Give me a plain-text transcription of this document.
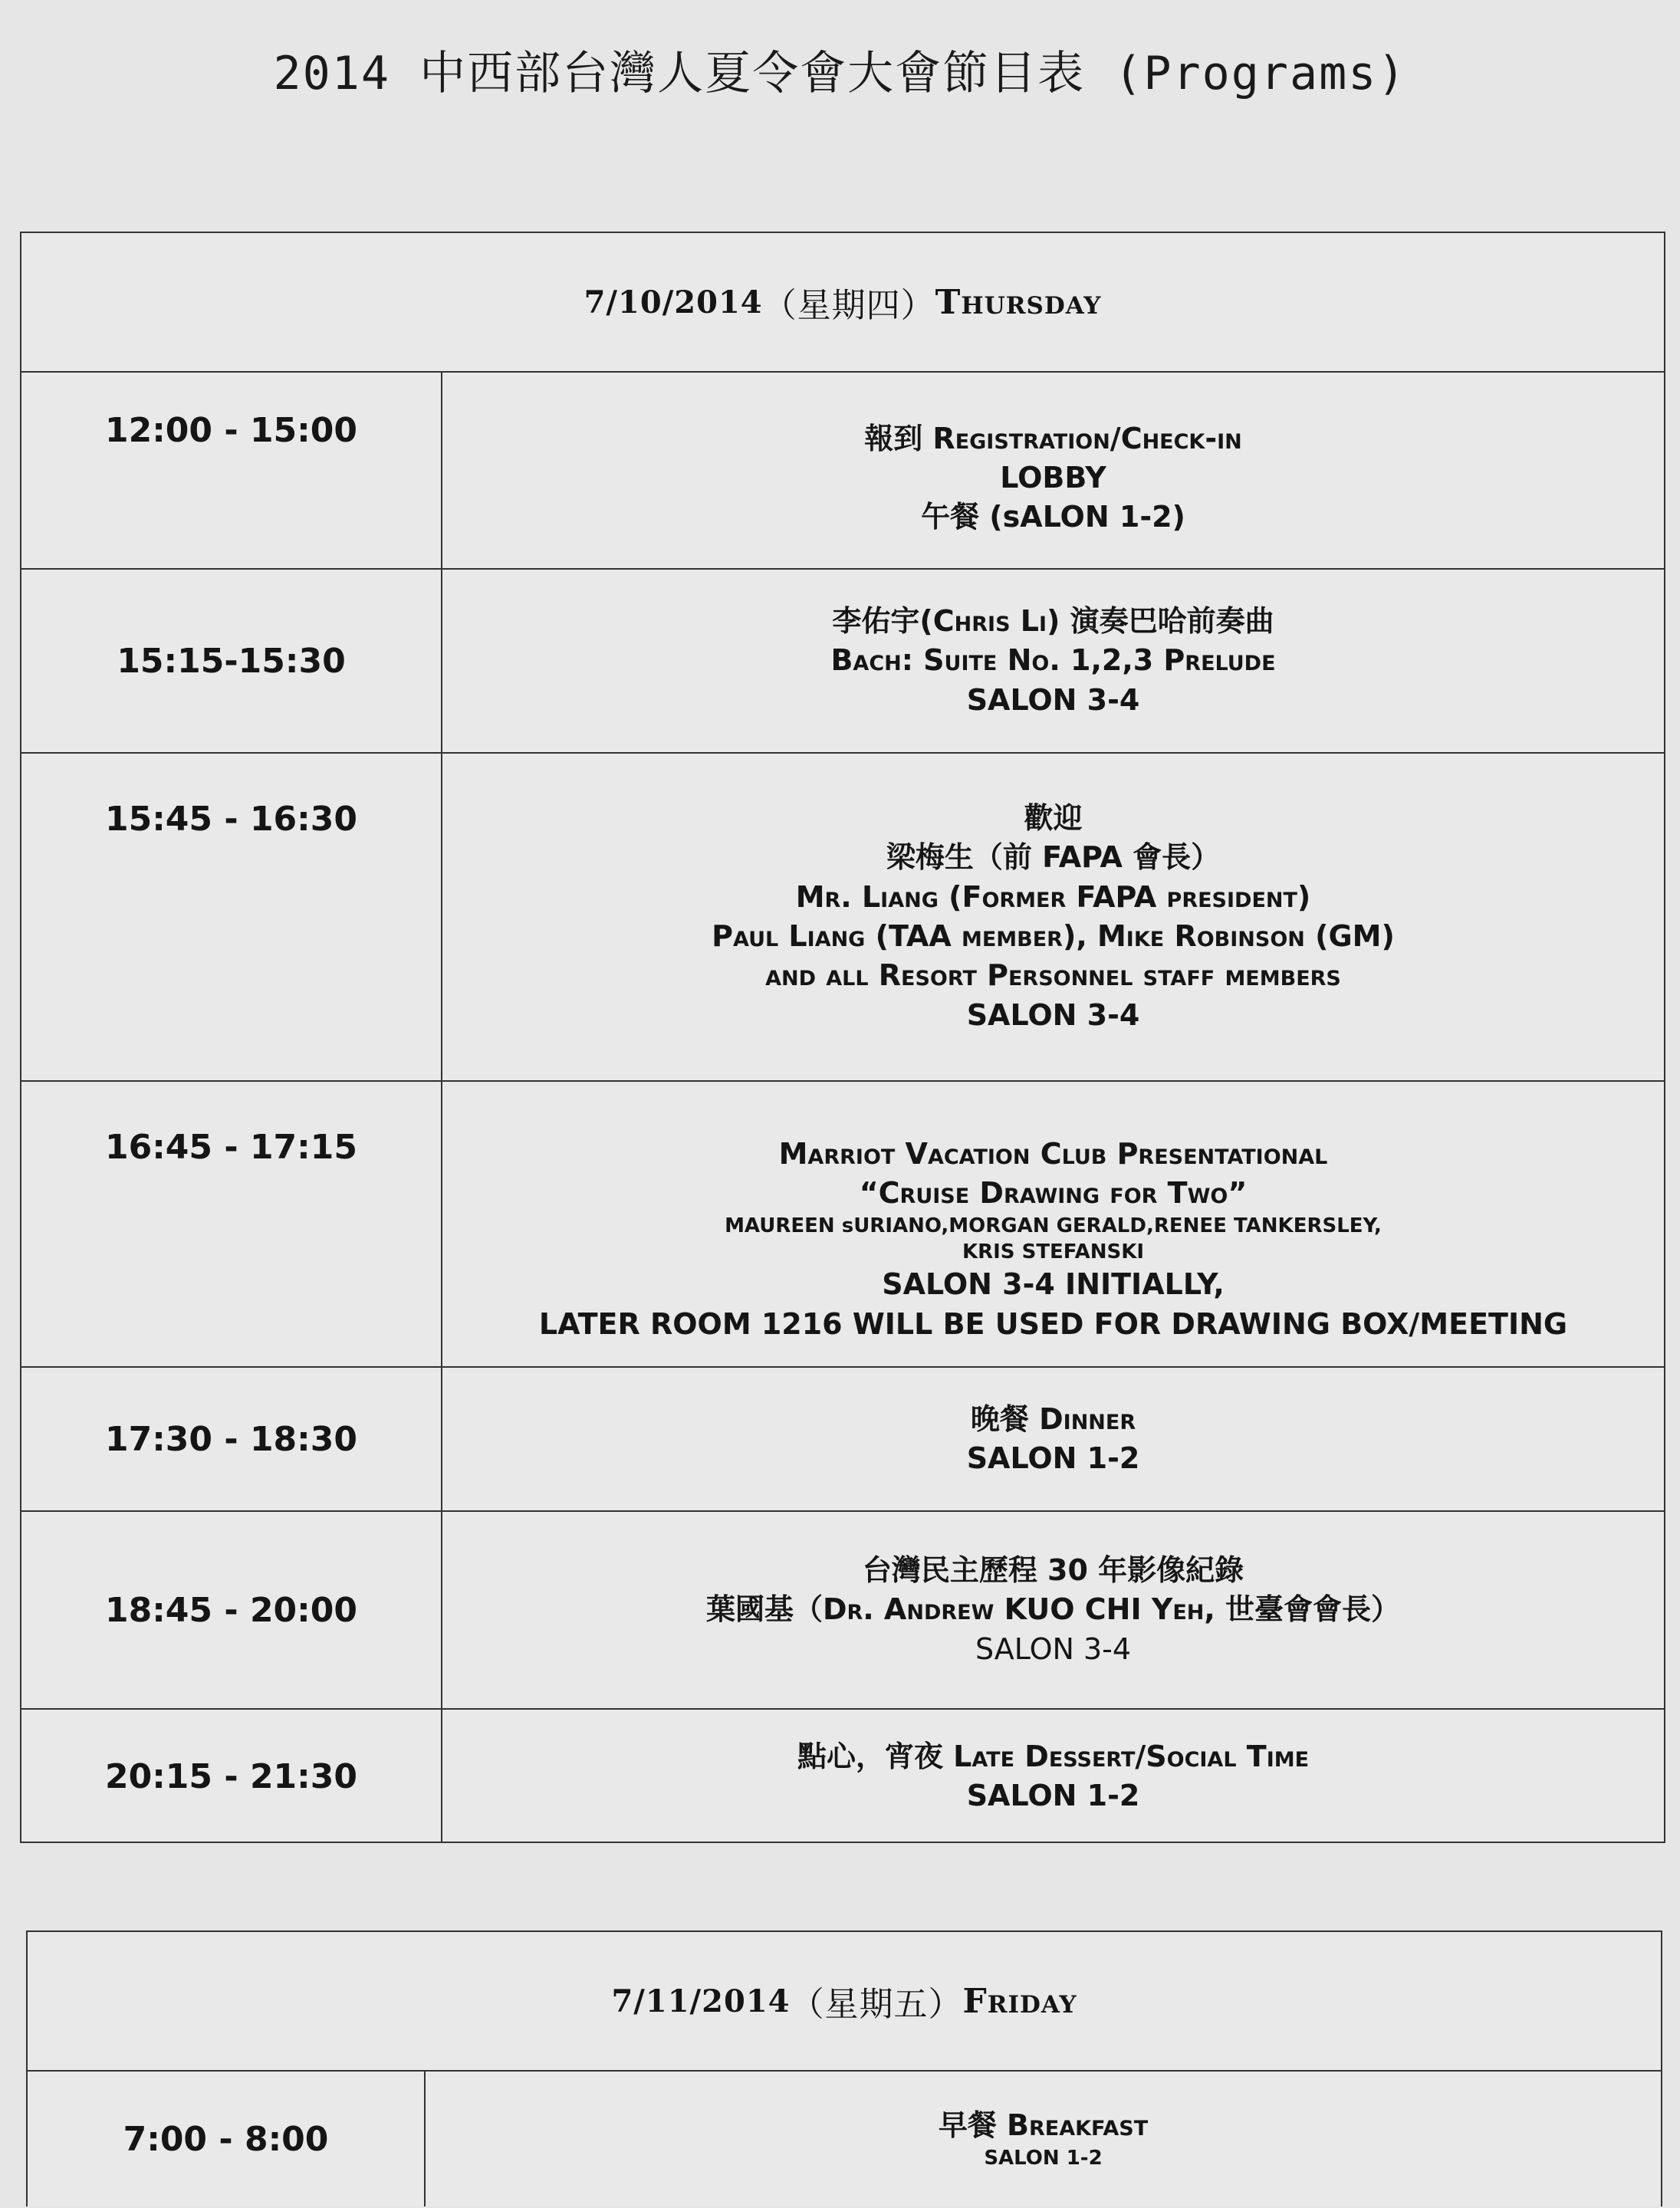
2014 中西部台灣人夏令會大會節目表 (Programs)
7/10/2014 （星期四） Thursday
12:00 - 15:00	報到 Registration/Check-in
LOBBY
午餐 (sALON 1-2)
15:15-15:30
李佑宇(Chris Li) 演奏巴哈前奏曲
Bach: Suite No. 1,2,3 Prelude
SALON 3-4
15:45 - 16:30	歡迎
梁梅生（前 FAPA 會長）
Mr. Liang (Former FAPA president)
Paul Liang (TAA member), Mike Robinson (GM)
and all Resort Personnel staff members
SALON 3-4
16:45 - 17:15	Marriot Vacation Club Presentational
“Cruise Drawing for Two”
MAUREEN sURIANO,MORGAN GERALD,RENEE TANKERSLEY,
KRIS STEFANSKI
SALON 3-4 INITIALLY,
LATER ROOM 1216 WILL BE USED FOR DRAWING BOX/MEETING
17:30 - 18:30
晚餐 Dinner
SALON 1-2
18:45 - 20:00
台灣民主歷程 30 年影像紀錄
葉國基（Dr. Andrew KUO CHI Yeh, 世臺會會長）
SALON 3-4
20:15 - 21:30
點心，宵夜 Late Dessert/Social Time
SALON 1-2
7/11/2014 （星期五） Friday
7:00 - 8:00	早餐 Breakfast
SALON 1-2
